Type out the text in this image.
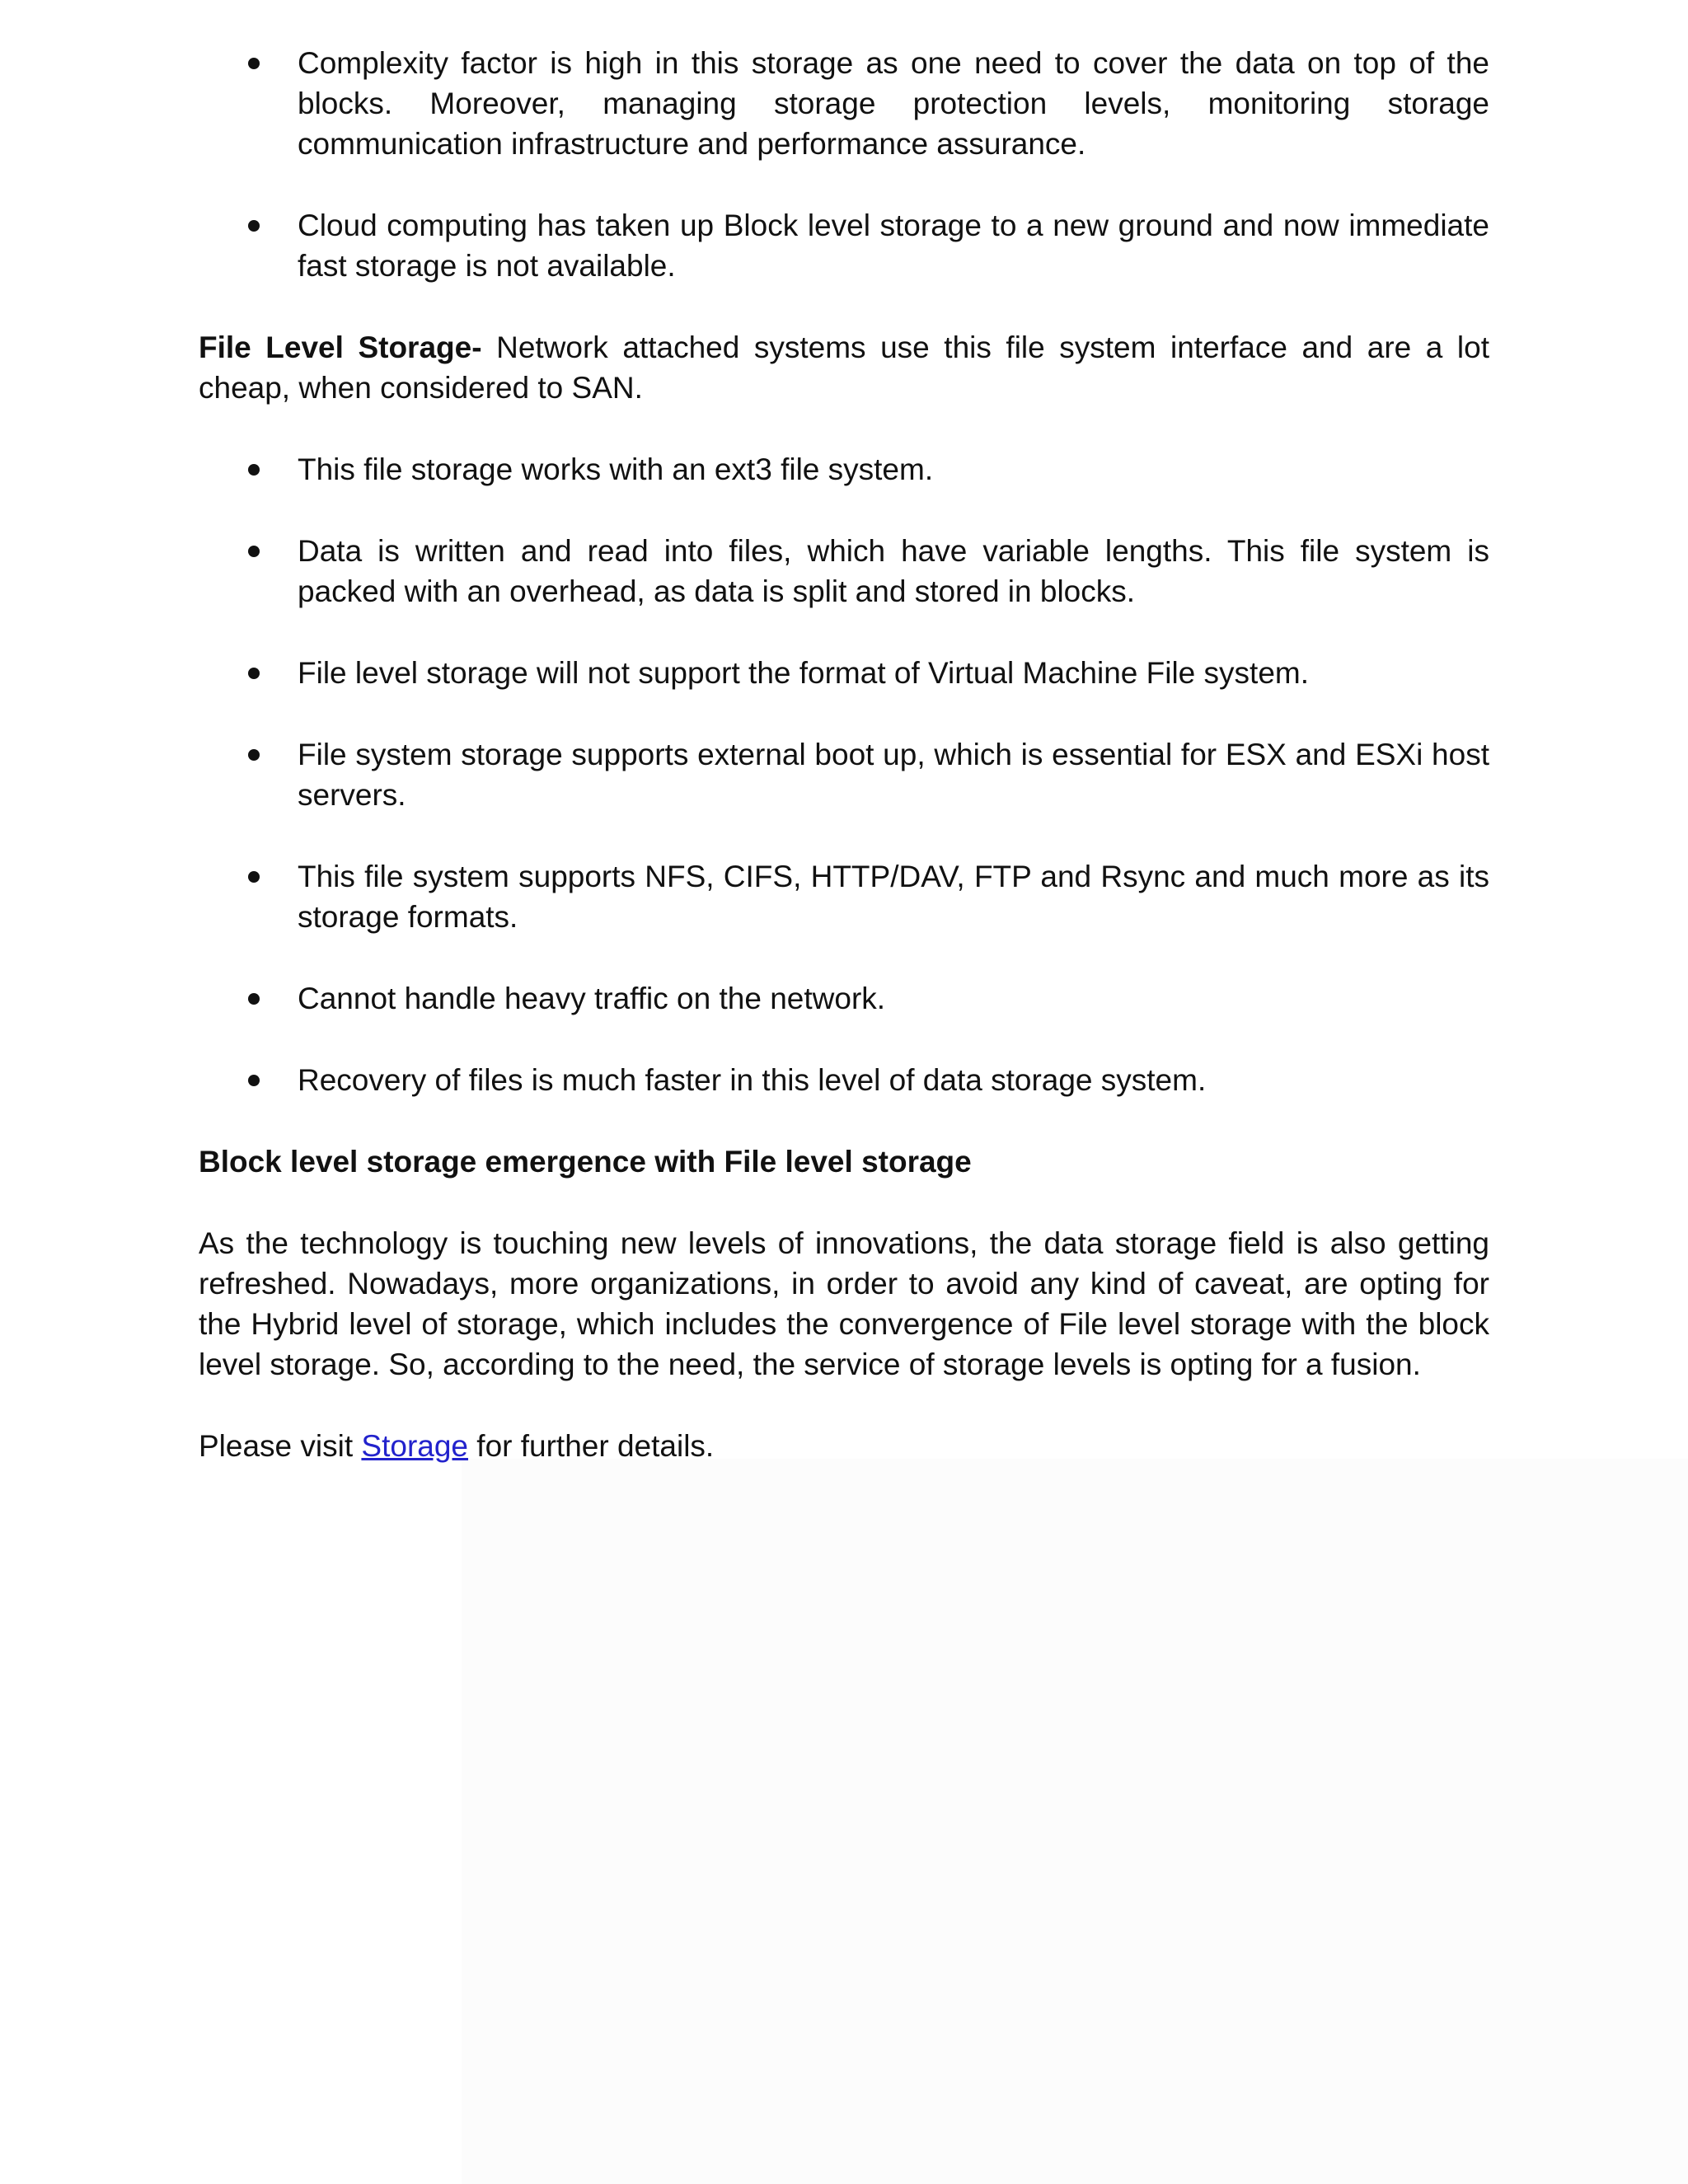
Complexity factor is high in this storage as one need to cover the data on top of the blocks. Moreover, managing storage protection levels, monitoring storage communication infrastructure and performance assurance.
Cloud computing has taken up Block level storage to a new ground and now immediate fast storage is not available.

File Level Storage- Network attached systems use this file system interface and are a lot cheap, when considered to SAN.

This file storage works with an ext3 file system.
Data is written and read into files, which have variable lengths. This file system is packed with an overhead, as data is split and stored in blocks.
File level storage will not support the format of Virtual Machine File system.
File system storage supports external boot up, which is essential for ESX and ESXi host servers.
This file system supports NFS, CIFS, HTTP/DAV, FTP and Rsync and much more as its storage formats.
Cannot handle heavy traffic on the network.
Recovery of files is much faster in this level of data storage system.

Block level storage emergence with File level storage

As the technology is touching new levels of innovations, the data storage field is also getting refreshed. Nowadays, more organizations, in order to avoid any kind of caveat, are opting for the Hybrid level of storage, which includes the convergence of File level storage with the block level storage. So, according to the need, the service of storage levels is opting for a fusion.

Please visit Storage for further details.
